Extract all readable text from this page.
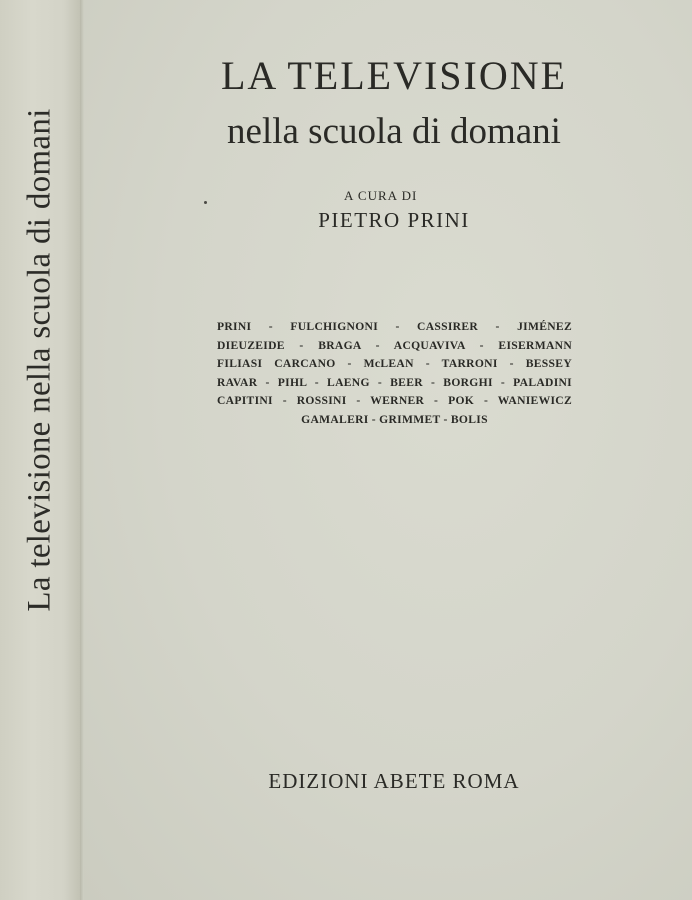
La televisione nella scuola di domani
LA TELEVISIONE
nella scuola di domani
A CURA DI
PIETRO PRINI
PRINI - FULCHIGNONI - CASSIRER - JIMÉNEZ
DIEUZEIDE - BRAGA - ACQUAVIVA - EISERMANN
FILIASI CARCANO - McLEAN - TARRONI - BESSEY
RAVAR - PIHL - LAENG - BEER - BORGHI - PALADINI
CAPITINI - ROSSINI - WERNER - POK - WANIEWICZ
GAMALERI - GRIMMET - BOLIS
EDIZIONI ABETE ROMA
